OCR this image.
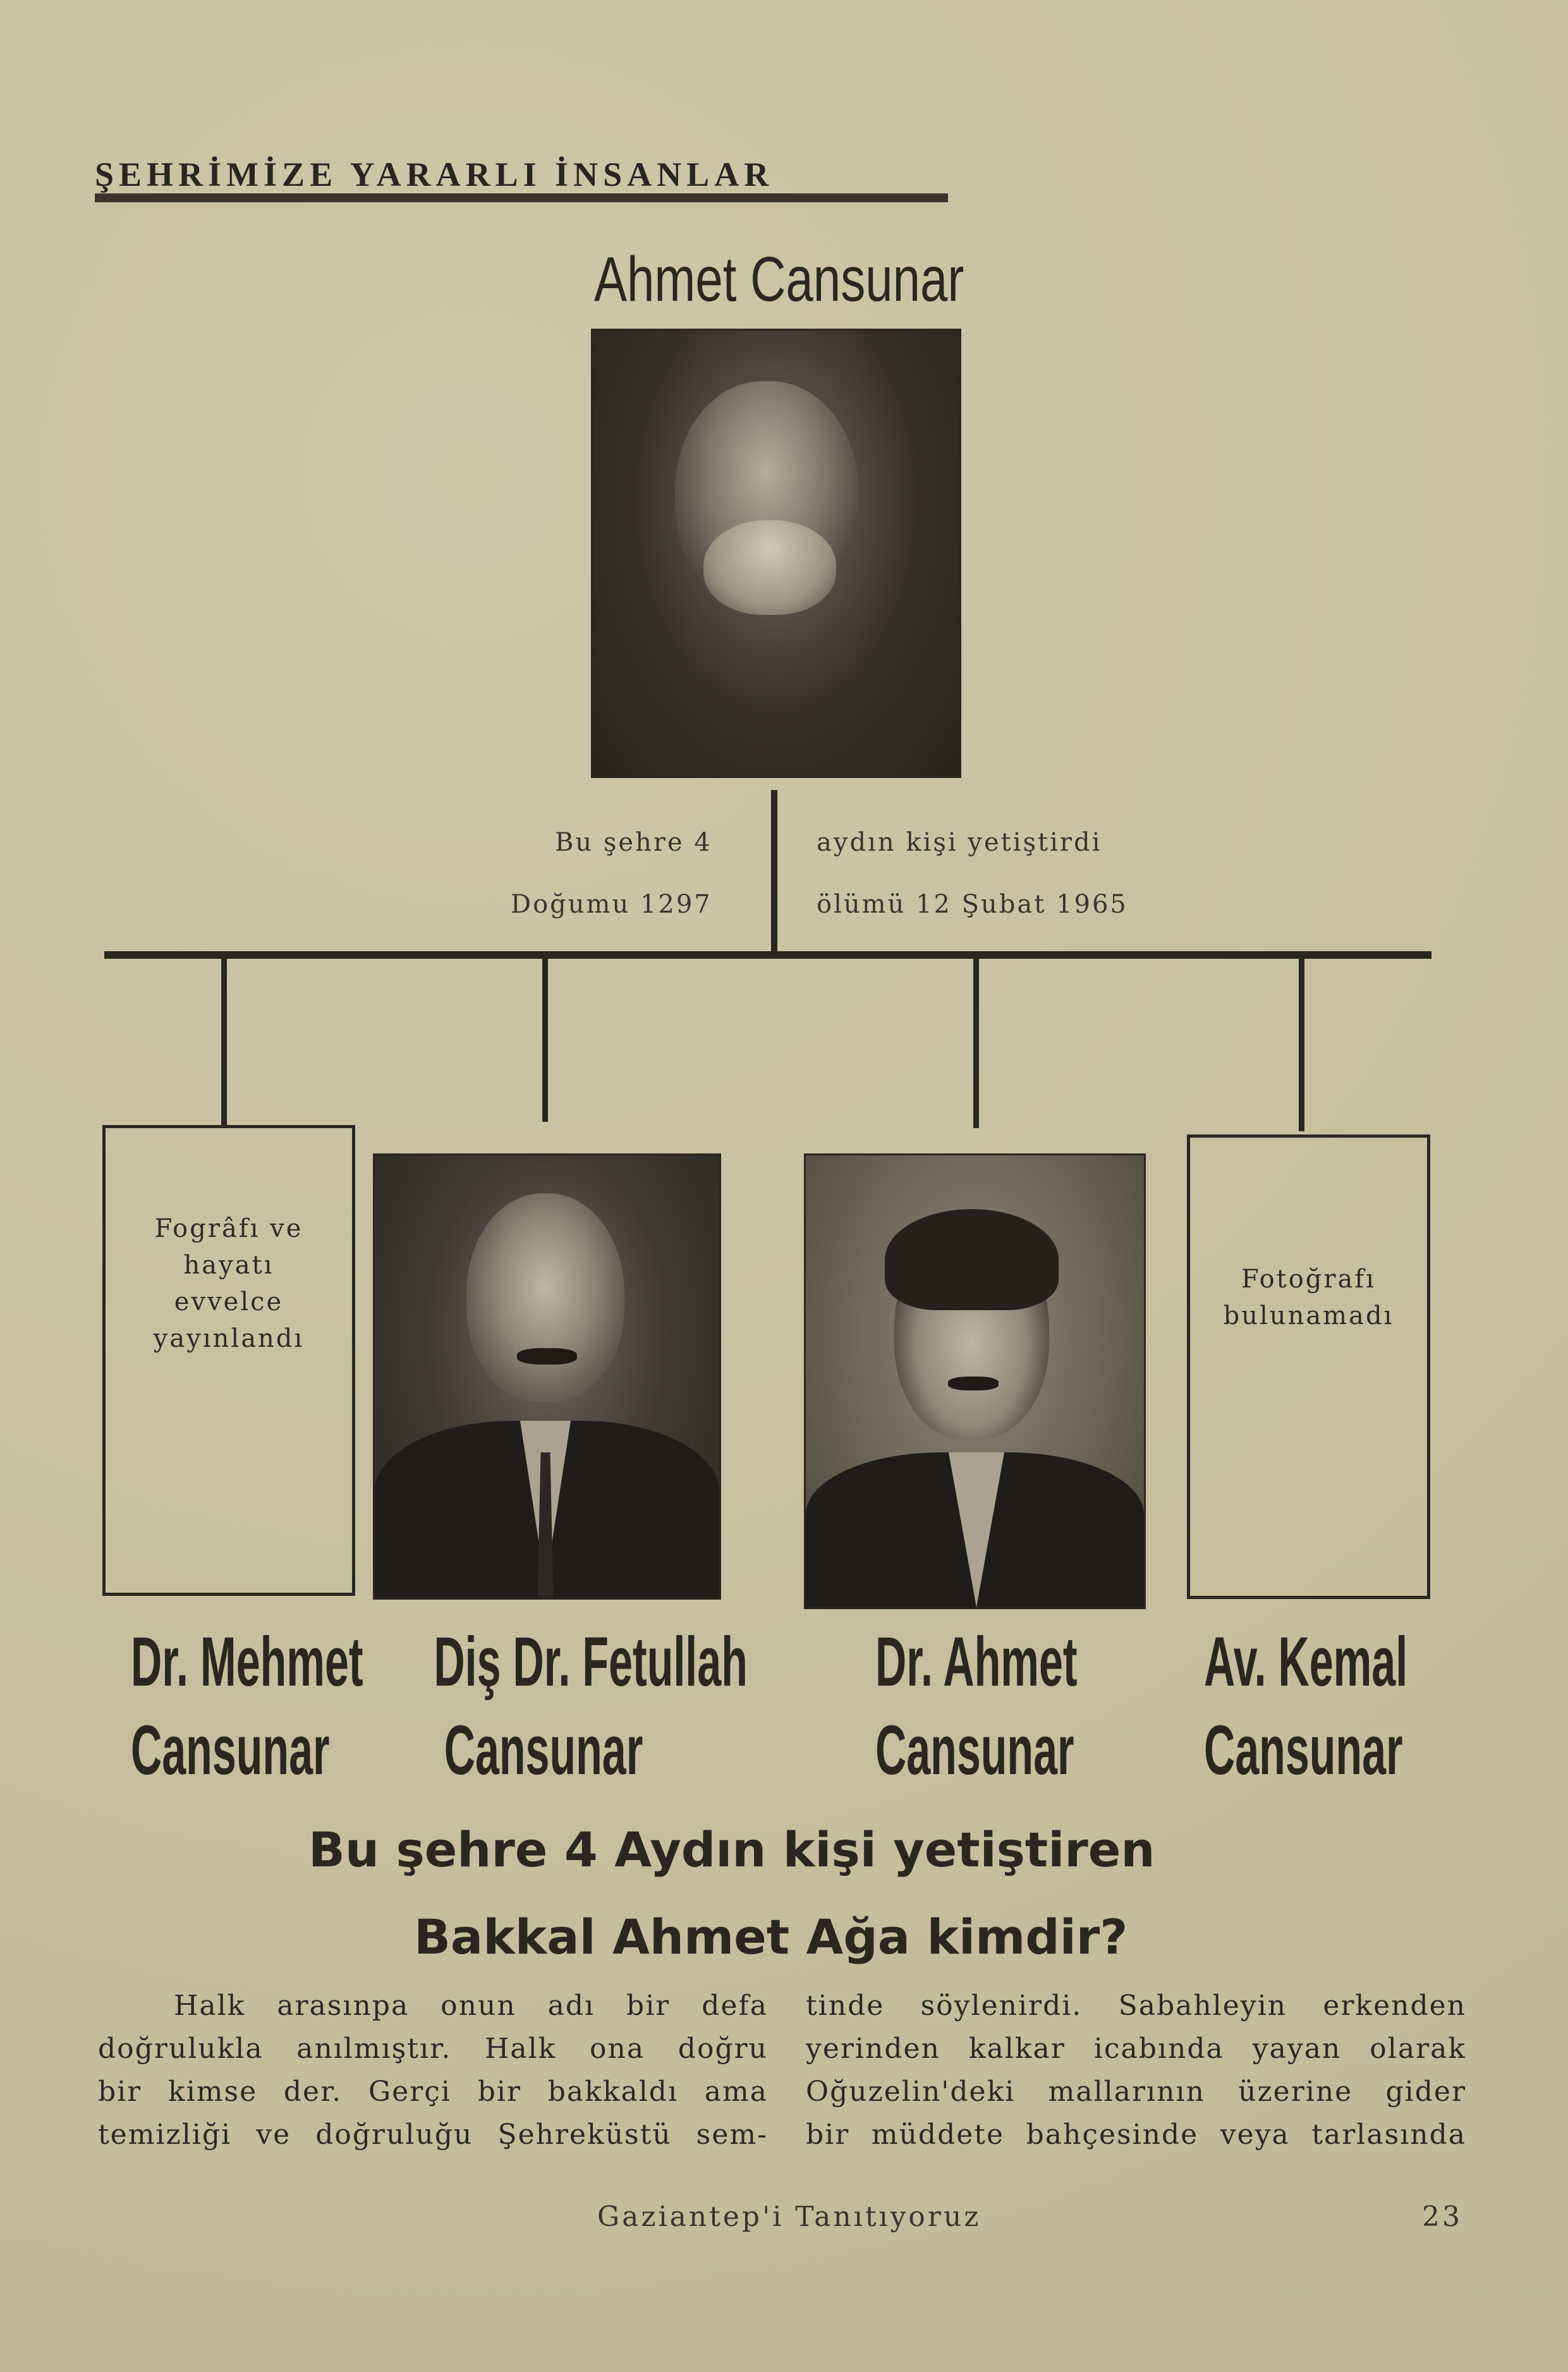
ŞEHRİMİZE YARARLI İNSANLAR
Ahmet Cansunar
Bu şehre 4
Doğumu 1297
aydın kişi yetiştirdi
ölümü 12 Şubat 1965
Fogrâfı ve
hayatı
evvelce
yayınlandı
Fotoğrafı
bulunamadı
Dr. Mehmet
Cansunar
Diş Dr. Fetullah
Cansunar
Dr. Ahmet
Cansunar
Av. Kemal
Cansunar
Bu şehre 4 Aydın kişi yetiştiren
Bakkal Ahmet Ağa kimdir?
Halk arasınpa onun adı bir defa
doğrulukla anılmıştır. Halk ona doğru
bir kimse der. Gerçi bir bakkaldı ama
temizliği ve doğruluğu Şehreküstü sem-
tinde söylenirdi. Sabahleyin erkenden
yerinden kalkar icabında yayan olarak
Oğuzelin'deki mallarının üzerine gider
bir müddete bahçesinde veya tarlasında
Gaziantep'i Tanıtıyoruz	23
